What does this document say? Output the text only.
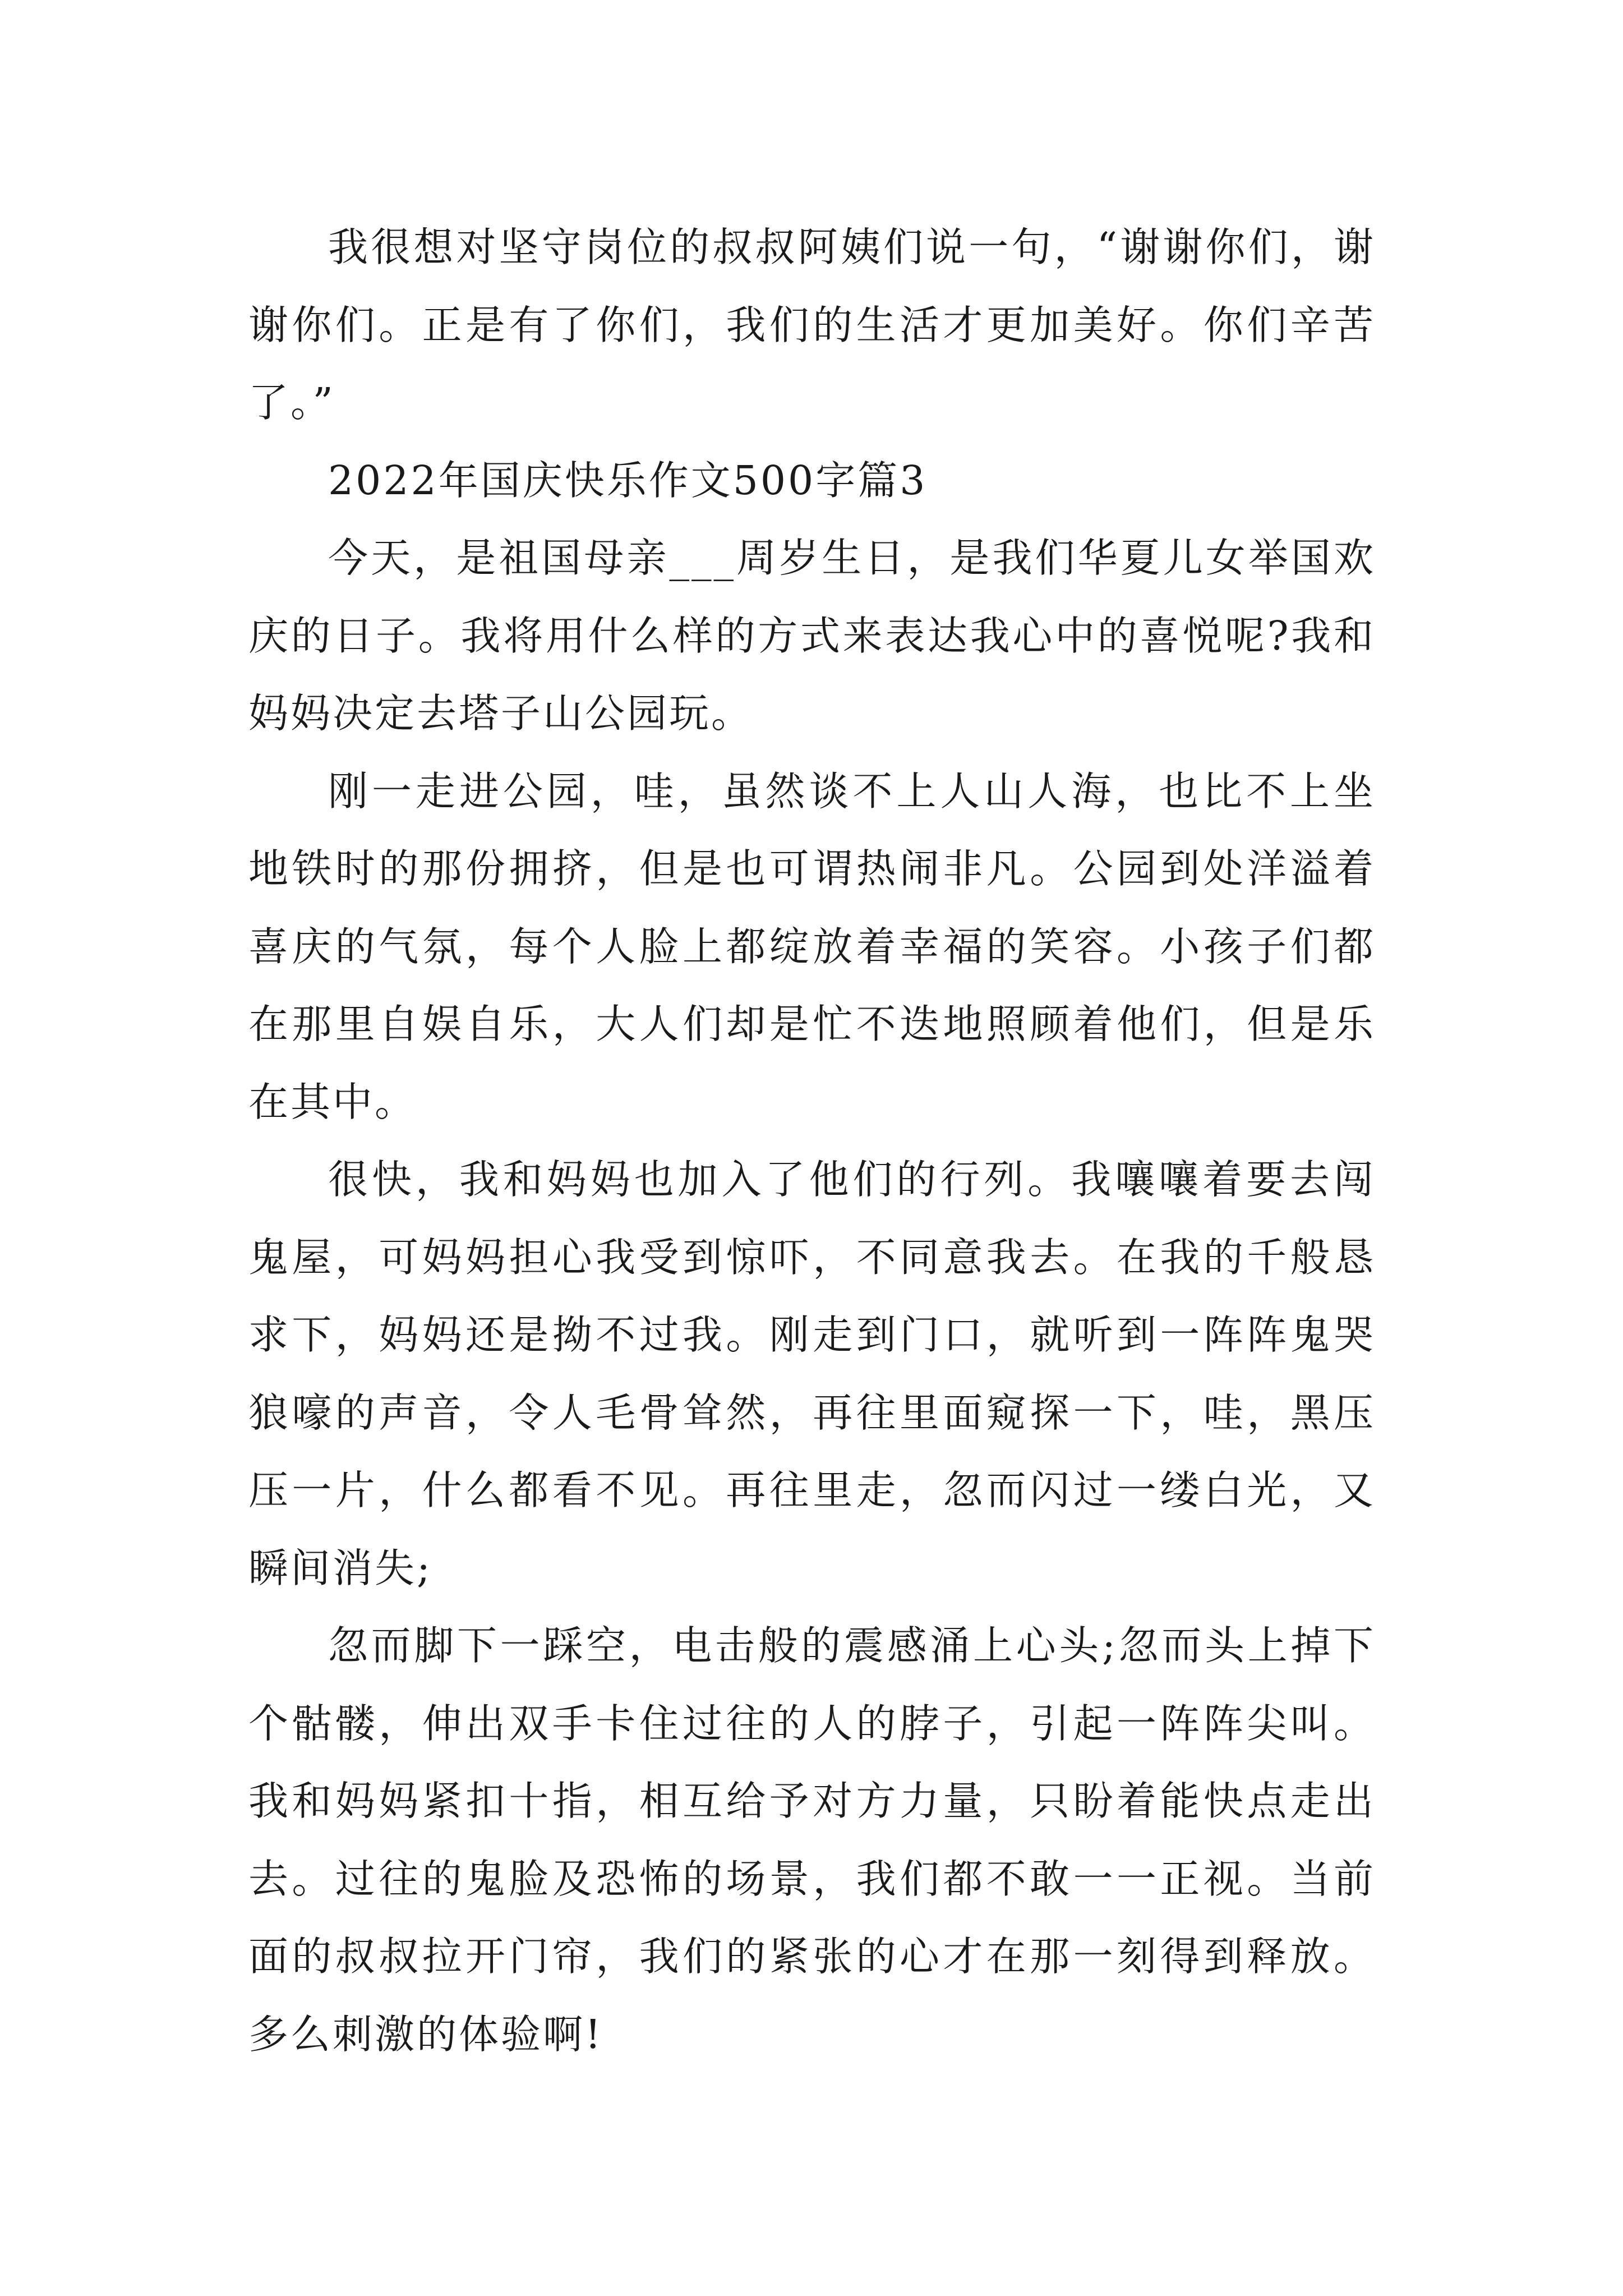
我很想对坚守岗位的叔叔阿姨们说一句，“谢谢你们，谢谢你们。正是有了你们，我们的生活才更加美好。你们辛苦了。”

2022年国庆快乐作文500字篇3

今天，是祖国母亲___周岁生日，是我们华夏儿女举国欢庆的日子。我将用什么样的方式来表达我心中的喜悦呢?我和妈妈决定去塔子山公园玩。

刚一走进公园，哇，虽然谈不上人山人海，也比不上坐地铁时的那份拥挤，但是也可谓热闹非凡。公园到处洋溢着喜庆的气氛，每个人脸上都绽放着幸福的笑容。小孩子们都在那里自娱自乐，大人们却是忙不迭地照顾着他们，但是乐在其中。

很快，我和妈妈也加入了他们的行列。我嚷嚷着要去闯鬼屋，可妈妈担心我受到惊吓，不同意我去。在我的千般恳求下，妈妈还是拗不过我。刚走到门口，就听到一阵阵鬼哭狼嚎的声音，令人毛骨耸然，再往里面窥探一下，哇，黑压压一片，什么都看不见。再往里走，忽而闪过一缕白光，又瞬间消失;

忽而脚下一踩空，电击般的震感涌上心头;忽而头上掉下个骷髅，伸出双手卡住过往的人的脖子，引起一阵阵尖叫。我和妈妈紧扣十指，相互给予对方力量，只盼着能快点走出去。过往的鬼脸及恐怖的场景，我们都不敢一一正视。当前面的叔叔拉开门帘，我们的紧张的心才在那一刻得到释放。多么刺激的体验啊!
